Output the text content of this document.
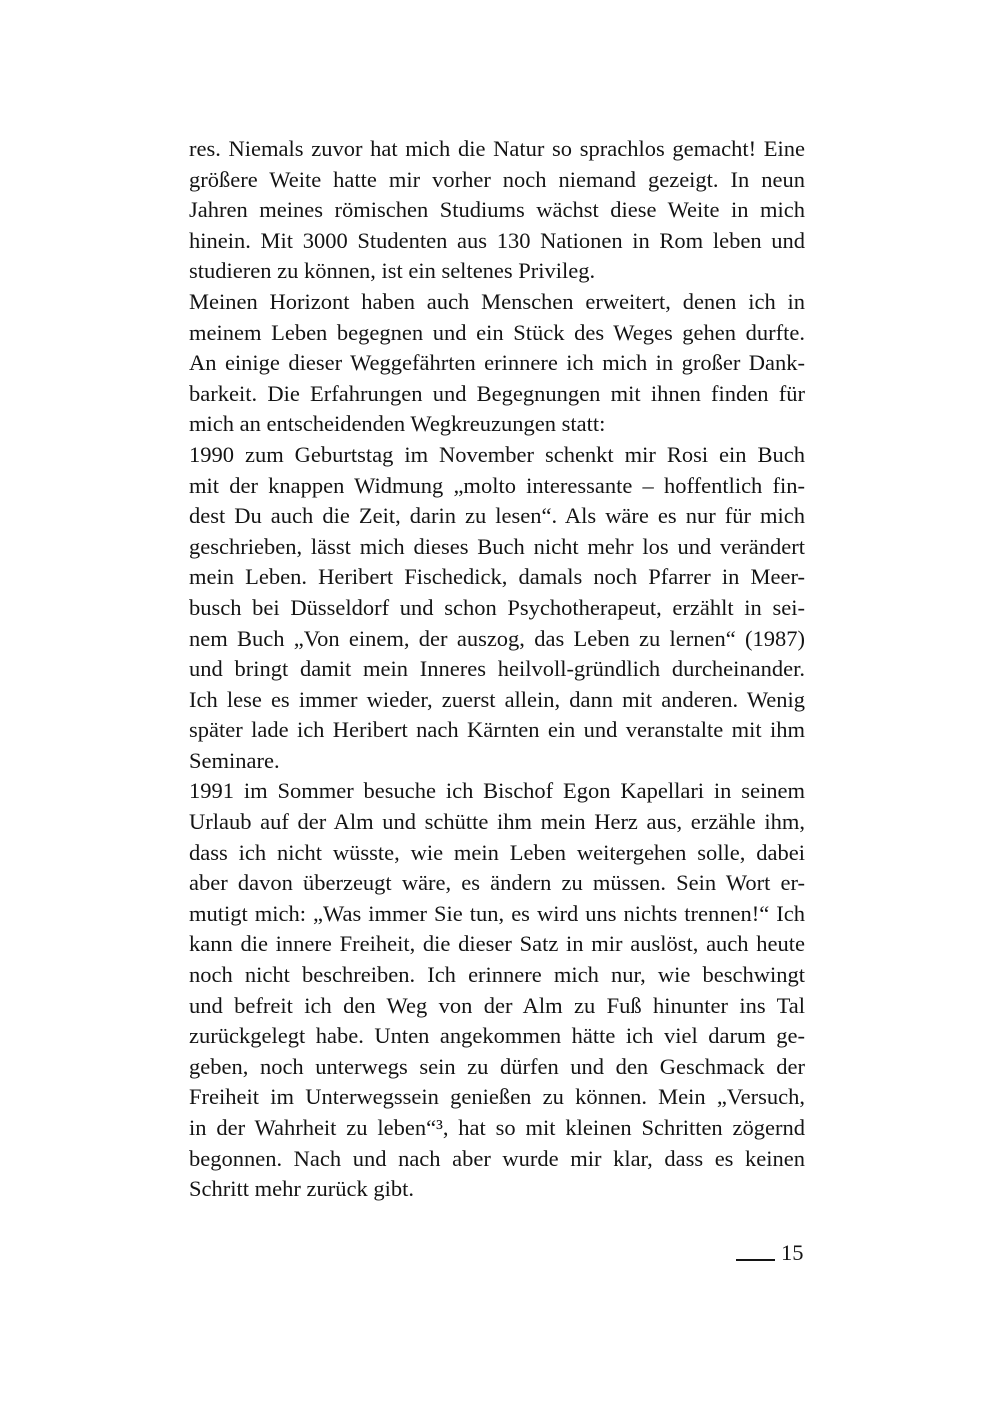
res. Niemals zuvor hat mich die Natur so sprachlos gemacht! Eine
größere Weite hatte mir vorher noch niemand gezeigt. In neun
Jahren meines römischen Studiums wächst diese Weite in mich
hinein. Mit 3000 Studenten aus 130 Nationen in Rom leben und
studieren zu können, ist ein seltenes Privileg.
Meinen Horizont haben auch Menschen erweitert, denen ich in
meinem Leben begegnen und ein Stück des Weges gehen durfte.
An einige dieser Weggefährten erinnere ich mich in großer Dank-
barkeit. Die Erfahrungen und Begegnungen mit ihnen finden für
mich an entscheidenden Wegkreuzungen statt:
1990 zum Geburtstag im November schenkt mir Rosi ein Buch
mit der knappen Widmung „molto interessante – hoffentlich fin-
dest Du auch die Zeit, darin zu lesen“. Als wäre es nur für mich
geschrieben, lässt mich dieses Buch nicht mehr los und verändert
mein Leben. Heribert Fischedick, damals noch Pfarrer in Meer-
busch bei Düsseldorf und schon Psychotherapeut, erzählt in sei-
nem Buch „Von einem, der auszog, das Leben zu lernen“ (1987)
und bringt damit mein Inneres heilvoll-gründlich durcheinander.
Ich lese es immer wieder, zuerst allein, dann mit anderen. Wenig
später lade ich Heribert nach Kärnten ein und veranstalte mit ihm
Seminare.
1991 im Sommer besuche ich Bischof Egon Kapellari in seinem
Urlaub auf der Alm und schütte ihm mein Herz aus, erzähle ihm,
dass ich nicht wüsste, wie mein Leben weitergehen solle, dabei
aber davon überzeugt wäre, es ändern zu müssen. Sein Wort er-
mutigt mich: „Was immer Sie tun, es wird uns nichts trennen!“ Ich
kann die innere Freiheit, die dieser Satz in mir auslöst, auch heute
noch nicht beschreiben. Ich erinnere mich nur, wie beschwingt
und befreit ich den Weg von der Alm zu Fuß hinunter ins Tal
zurückgelegt habe. Unten angekommen hätte ich viel darum ge-
geben, noch unterwegs sein zu dürfen und den Geschmack der
Freiheit im Unterwegssein genießen zu können. Mein „Versuch,
in der Wahrheit zu leben“³, hat so mit kleinen Schritten zögernd
begonnen. Nach und nach aber wurde mir klar, dass es keinen
Schritt mehr zurück gibt.
15
